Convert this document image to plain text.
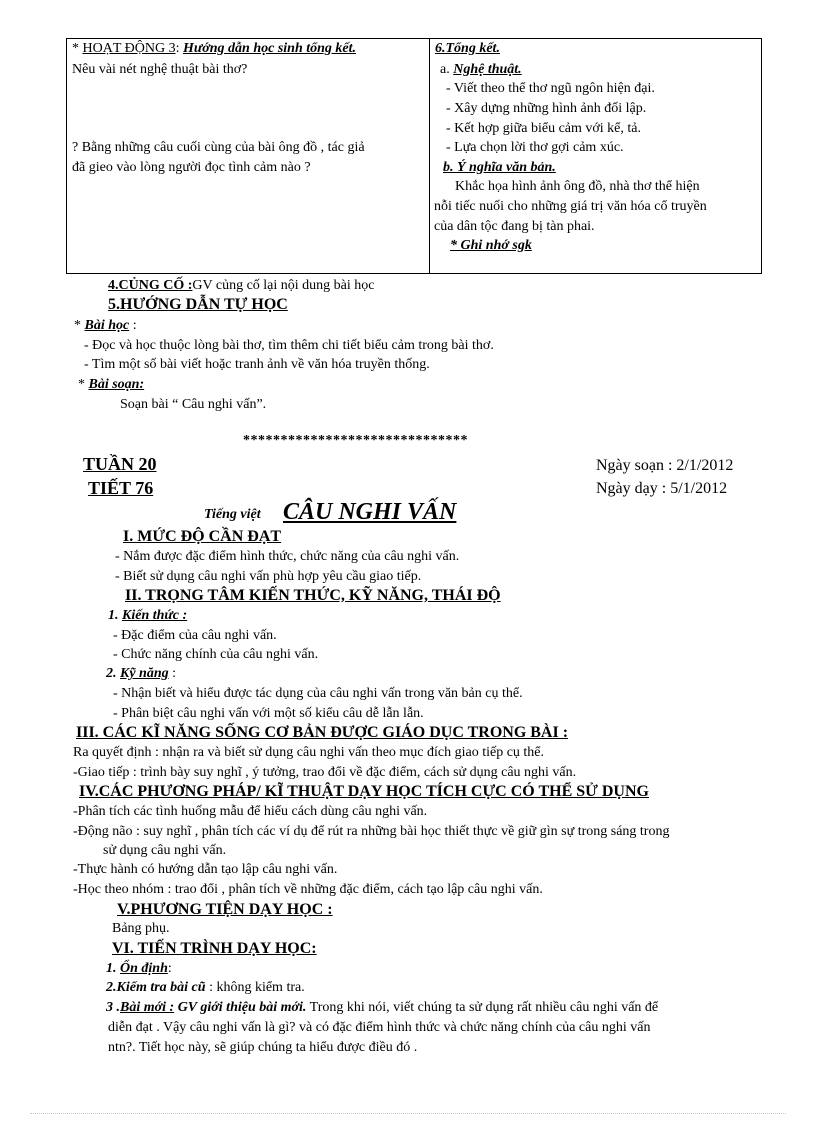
* HOẠT ĐỘNG 3: Hướng dẫn học sinh tổng kết.
Nêu vài nét nghệ thuật bài thơ?
? Bằng những câu cuối cùng của bài ông đồ , tác giả
đã gieo vào lòng người đọc tình cảm nào ?
6.Tổng kết.
a. Nghệ thuật.
- Viết theo thể thơ ngũ ngôn hiện đại.
- Xây dựng những hình ảnh đối lập.
- Kết hợp giữa biểu cảm với kể, tả.
- Lựa chọn lời thơ gợi cảm xúc.
b. Ý nghĩa văn bản.
Khắc họa hình ảnh ông đồ, nhà thơ thể hiện
nỗi tiếc nuối cho những giá trị văn hóa cổ truyền
của dân tộc đang bị tàn phai.
* Ghi nhớ sgk
4.CỦNG CỐ :GV củng cố lại nội dung bài học
5.HƯỚNG DẪN TỰ HỌC
* Bài học :
- Đọc và học thuộc lòng bài thơ, tìm thêm chi tiết biểu cảm trong bài thơ.
- Tìm một số bài viết hoặc tranh ảnh về văn hóa truyền thống.
* Bài soạn:
Soạn bài “ Câu nghi vấn”.
******************************
TUẦN 20
TIẾT 76
Ngày soạn : 2/1/2012
Ngày dạy : 5/1/2012
Tiếng việt CÂU NGHI VẤN
I. MỨC ĐỘ CẦN ĐẠT
- Nắm được đặc điểm hình thức, chức năng của câu nghi vấn.
- Biết sử dụng câu nghi vấn phù hợp yêu cầu giao tiếp.
II. TRỌNG TÂM KIẾN THỨC, KỸ NĂNG, THÁI ĐỘ
1. Kiến thức :
- Đặc điểm của câu nghi vấn.
- Chức năng chính của câu nghi vấn.
2. Kỹ năng :
- Nhận biết và hiểu được tác dụng của câu nghi vấn trong văn bản cụ thể.
- Phân biệt câu nghi vấn với một số kiểu câu dễ lẫn lẫn.
III. CÁC KĨ NĂNG SỐNG CƠ BẢN ĐƯỢC GIÁO DỤC TRONG BÀI :
Ra quyết định : nhận ra và biết sử dụng câu nghi vấn theo mục đích giao tiếp cụ thể.
-Giao tiếp : trình bày suy nghĩ , ý tưởng, trao đổi về đặc điểm, cách sử dụng câu nghi vấn.
IV.CÁC PHƯƠNG PHÁP/ KĨ THUẬT DẠY HỌC TÍCH CỰC CÓ THỂ SỬ DỤNG
-Phân tích các tình huống mẫu để hiểu cách dùng câu nghi vấn.
-Động não : suy nghĩ , phân tích các ví dụ để rút ra những bài học thiết thực về giữ gìn sự trong sáng trong
sử dụng câu nghi vấn.
-Thực hành có hướng dẫn tạo lập câu nghi vấn.
-Học theo nhóm : trao đổi , phân tích về những đặc điểm, cách tạo lập câu nghi vấn.
V.PHƯƠNG TIỆN DẠY HỌC :
Bảng phụ.
VI. TIẾN TRÌNH DẠY HỌC:
1. Ổn định:
2.Kiểm tra bài cũ : không kiểm tra.
3 .Bài mới : GV giới thiệu bài mới. Trong khi nói, viết chúng ta sử dụng rất nhiều câu nghi vấn để
diễn đạt . Vậy câu nghi vấn là gì? và có đặc điểm hình thức và chức năng chính của câu nghi vấn
ntn?. Tiết học này, sẽ giúp chúng ta hiểu được điều đó .
